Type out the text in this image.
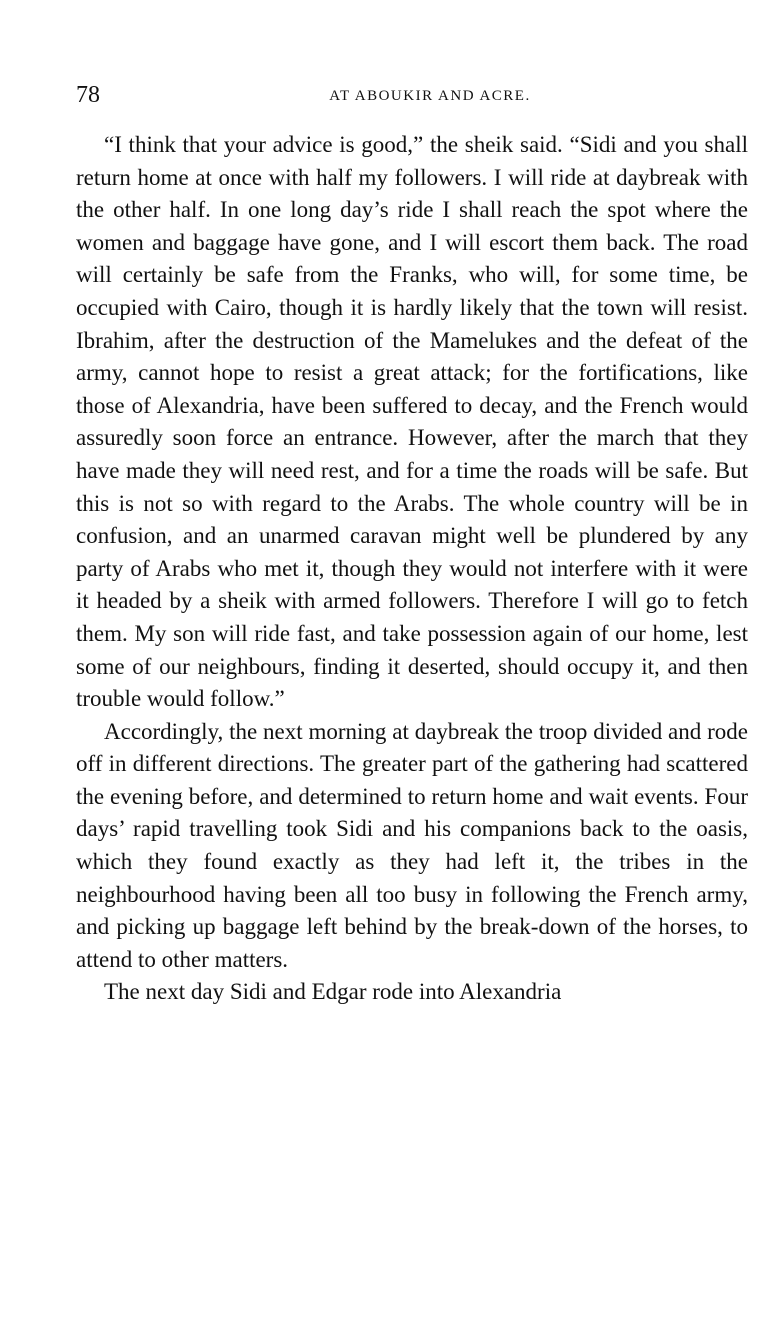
78	AT ABOUKIR AND ACRE.

“I think that your advice is good,” the sheik said. “Sidi and you shall return home at once with half my followers. I will ride at daybreak with the other half. In one long day’s ride I shall reach the spot where the women and baggage have gone, and I will escort them back. The road will certainly be safe from the Franks, who will, for some time, be occupied with Cairo, though it is hardly likely that the town will resist. Ibrahim, after the destruction of the Mamelukes and the defeat of the army, cannot hope to resist a great attack; for the fortifications, like those of Alexandria, have been suffered to decay, and the French would assuredly soon force an entrance. However, after the march that they have made they will need rest, and for a time the roads will be safe. But this is not so with regard to the Arabs. The whole country will be in confusion, and an unarmed caravan might well be plundered by any party of Arabs who met it, though they would not interfere with it were it headed by a sheik with armed followers. Therefore I will go to fetch them. My son will ride fast, and take possession again of our home, lest some of our neighbours, finding it deserted, should occupy it, and then trouble would follow.”

Accordingly, the next morning at daybreak the troop divided and rode off in different directions. The greater part of the gathering had scattered the evening before, and determined to return home and wait events. Four days’ rapid travelling took Sidi and his companions back to the oasis, which they found exactly as they had left it, the tribes in the neighbourhood having been all too busy in following the French army, and picking up baggage left behind by the break-down of the horses, to attend to other matters.

The next day Sidi and Edgar rode into Alexandria
